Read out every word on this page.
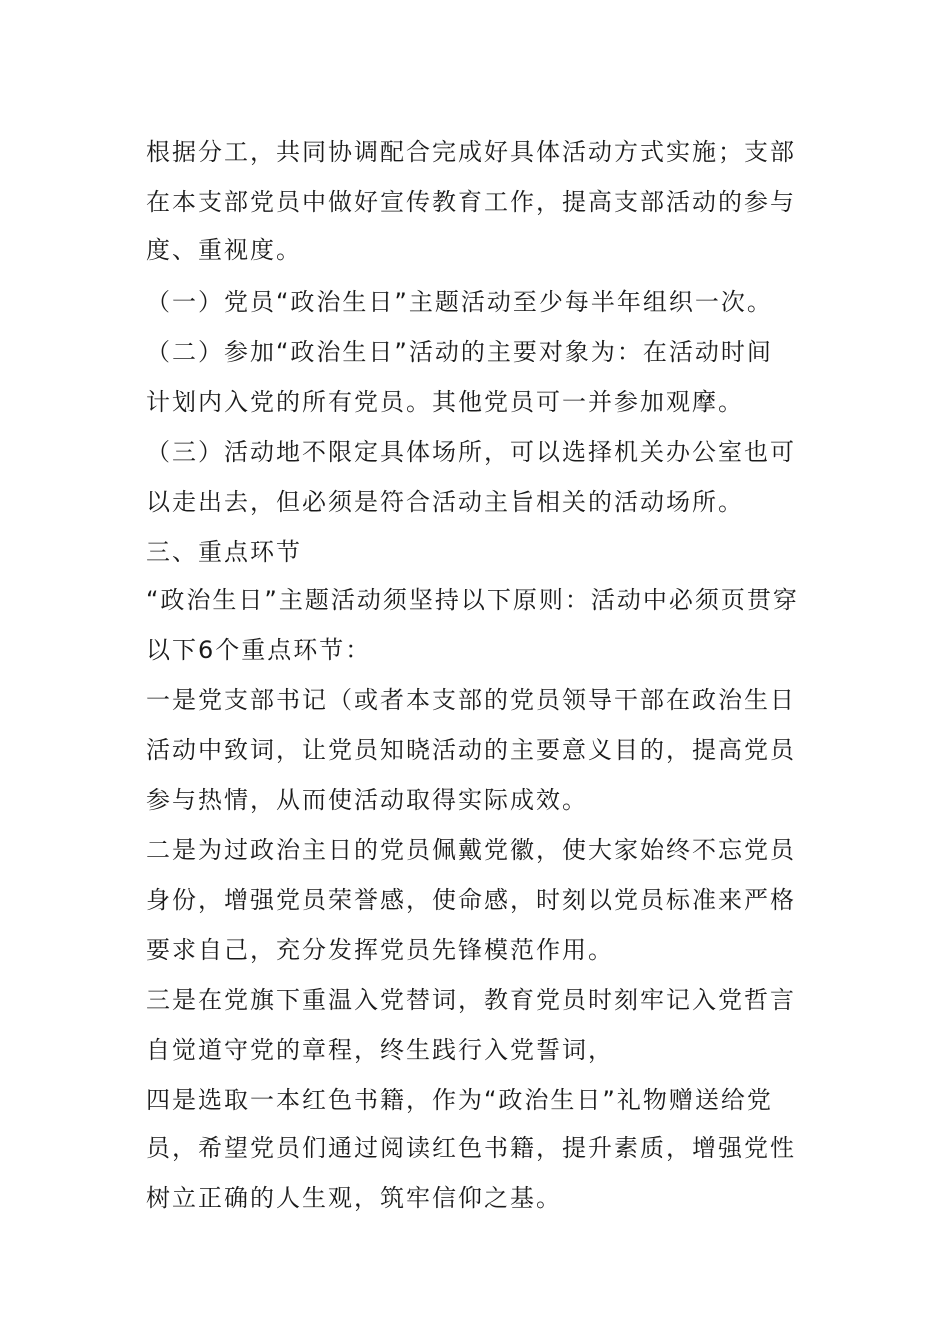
根据分工，共同协调配合完成好具体活动方式实施；支部
在本支部党员中做好宣传教育工作，提高支部活动的参与
度、重视度。
（一）党员“政治生日”主题活动至少每半年组织一次。
（二）参加“政治生日”活动的主要对象为：在活动时间
计划内入党的所有党员。其他党员可一并参加观摩。
（三）活动地不限定具体场所，可以选择机关办公室也可
以走出去，但必须是符合活动主旨相关的活动场所。
三、重点环节
“政治生日”主题活动须坚持以下原则：活动中必须页贯穿
以下6个重点环节：
一是党支部书记（或者本支部的党员领导干部在政治生日
活动中致词，让党员知晓活动的主要意义目的，提高党员
参与热情，从而使活动取得实际成效。
二是为过政治主日的党员佩戴党徽，使大家始终不忘党员
身份，增强党员荣誉感，使命感，时刻以党员标准来严格
要求自己，充分发挥党员先锋模范作用。
三是在党旗下重温入党替词，教育党员时刻牢记入党哲言
自觉道守党的章程，终生践行入党誓词，
四是选取一本红色书籍，作为“政治生日”礼物赠送给党
员，希望党员们通过阅读红色书籍，提升素质，增强党性
树立正确的人生观，筑牢信仰之基。
